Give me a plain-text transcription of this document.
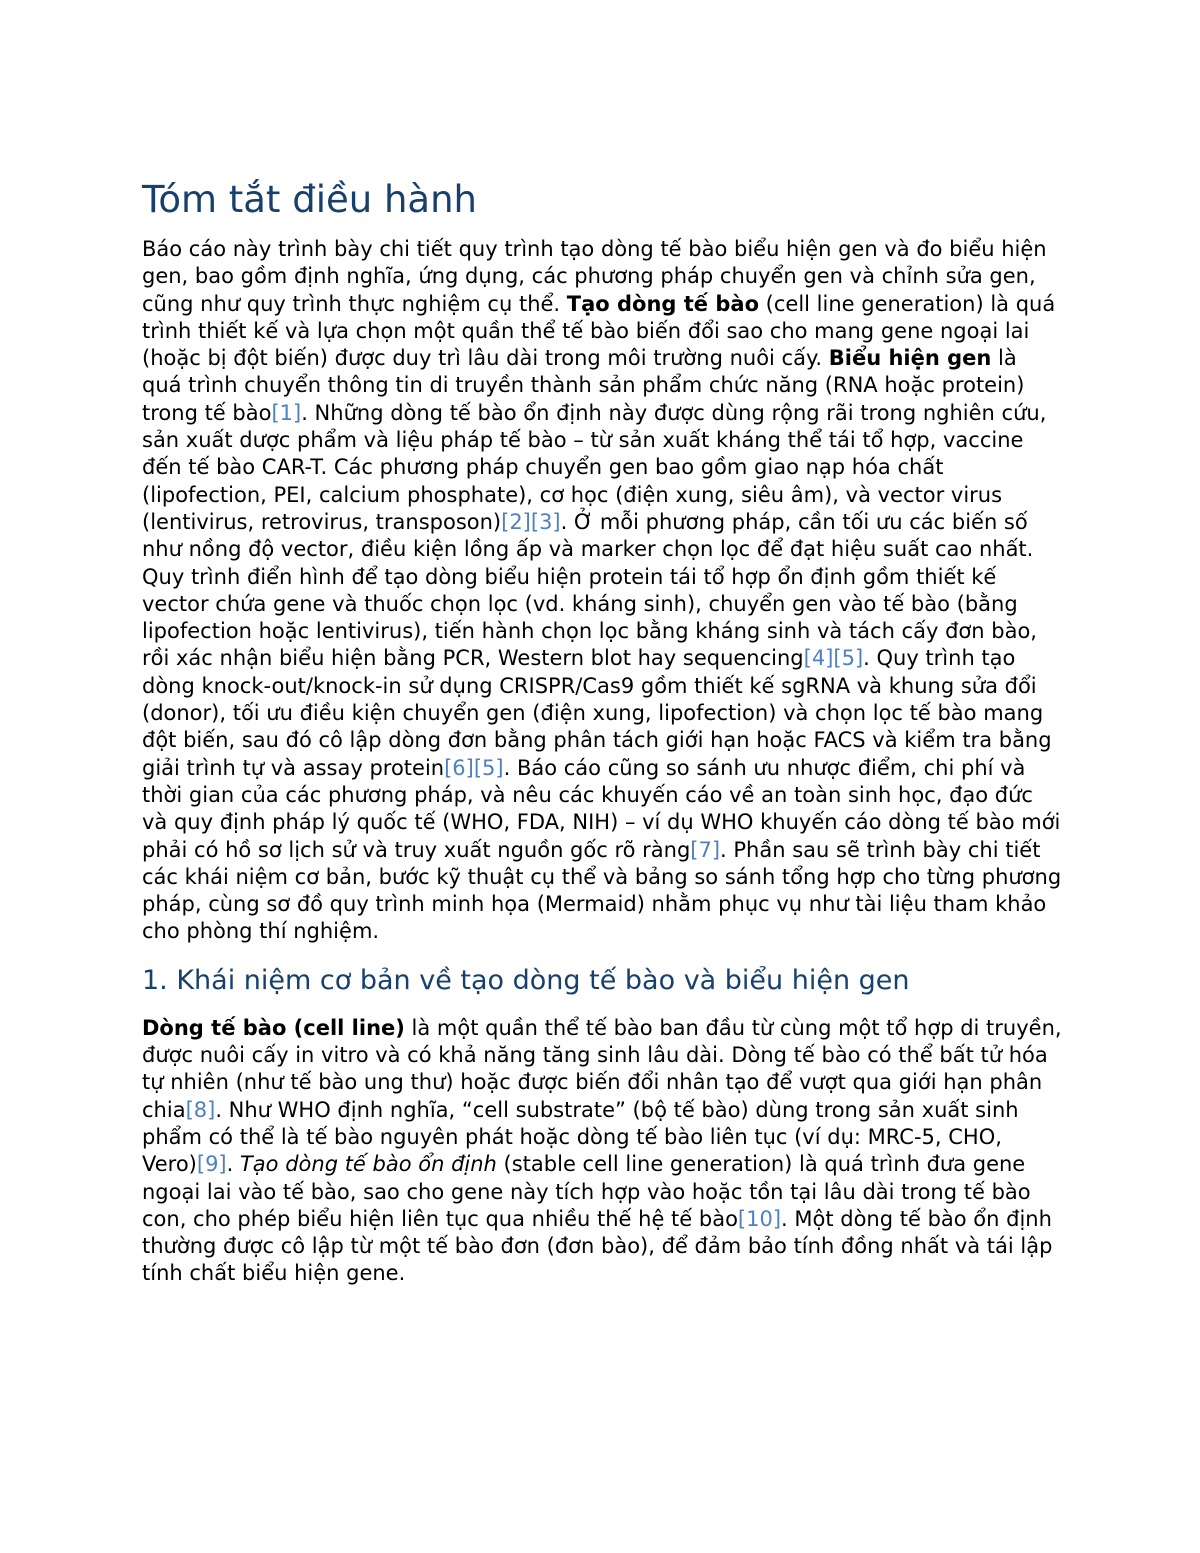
Tóm tắt điều hành

Báo cáo này trình bày chi tiết quy trình tạo dòng tế bào biểu hiện gen và đo biểu hiện gen, bao gồm định nghĩa, ứng dụng, các phương pháp chuyển gen và chỉnh sửa gen, cũng như quy trình thực nghiệm cụ thể. Tạo dòng tế bào (cell line generation) là quá trình thiết kế và lựa chọn một quần thể tế bào biến đổi sao cho mang gene ngoại lai (hoặc bị đột biến) được duy trì lâu dài trong môi trường nuôi cấy. Biểu hiện gen là quá trình chuyển thông tin di truyền thành sản phẩm chức năng (RNA hoặc protein) trong tế bào[1]. Những dòng tế bào ổn định này được dùng rộng rãi trong nghiên cứu, sản xuất dược phẩm và liệu pháp tế bào – từ sản xuất kháng thể tái tổ hợp, vaccine đến tế bào CAR-T. Các phương pháp chuyển gen bao gồm giao nạp hóa chất (lipofection, PEI, calcium phosphate), cơ học (điện xung, siêu âm), và vector virus (lentivirus, retrovirus, transposon)[2][3]. Ở mỗi phương pháp, cần tối ưu các biến số như nồng độ vector, điều kiện lồng ấp và marker chọn lọc để đạt hiệu suất cao nhất. Quy trình điển hình để tạo dòng biểu hiện protein tái tổ hợp ổn định gồm thiết kế vector chứa gene và thuốc chọn lọc (vd. kháng sinh), chuyển gen vào tế bào (bằng lipofection hoặc lentivirus), tiến hành chọn lọc bằng kháng sinh và tách cấy đơn bào, rồi xác nhận biểu hiện bằng PCR, Western blot hay sequencing[4][5]. Quy trình tạo dòng knock-out/knock-in sử dụng CRISPR/Cas9 gồm thiết kế sgRNA và khung sửa đổi (donor), tối ưu điều kiện chuyển gen (điện xung, lipofection) và chọn lọc tế bào mang đột biến, sau đó cô lập dòng đơn bằng phân tách giới hạn hoặc FACS và kiểm tra bằng giải trình tự và assay protein[6][5]. Báo cáo cũng so sánh ưu nhược điểm, chi phí và thời gian của các phương pháp, và nêu các khuyến cáo về an toàn sinh học, đạo đức và quy định pháp lý quốc tế (WHO, FDA, NIH) – ví dụ WHO khuyến cáo dòng tế bào mới phải có hồ sơ lịch sử và truy xuất nguồn gốc rõ ràng[7]. Phần sau sẽ trình bày chi tiết các khái niệm cơ bản, bước kỹ thuật cụ thể và bảng so sánh tổng hợp cho từng phương pháp, cùng sơ đồ quy trình minh họa (Mermaid) nhằm phục vụ như tài liệu tham khảo cho phòng thí nghiệm.

1. Khái niệm cơ bản về tạo dòng tế bào và biểu hiện gen

Dòng tế bào (cell line) là một quần thể tế bào ban đầu từ cùng một tổ hợp di truyền, được nuôi cấy in vitro và có khả năng tăng sinh lâu dài. Dòng tế bào có thể bất tử hóa tự nhiên (như tế bào ung thư) hoặc được biến đổi nhân tạo để vượt qua giới hạn phân chia[8]. Như WHO định nghĩa, “cell substrate” (bộ tế bào) dùng trong sản xuất sinh phẩm có thể là tế bào nguyên phát hoặc dòng tế bào liên tục (ví dụ: MRC-5, CHO, Vero)[9]. Tạo dòng tế bào ổn định (stable cell line generation) là quá trình đưa gene ngoại lai vào tế bào, sao cho gene này tích hợp vào hoặc tồn tại lâu dài trong tế bào con, cho phép biểu hiện liên tục qua nhiều thế hệ tế bào[10]. Một dòng tế bào ổn định thường được cô lập từ một tế bào đơn (đơn bào), để đảm bảo tính đồng nhất và tái lập tính chất biểu hiện gene.
